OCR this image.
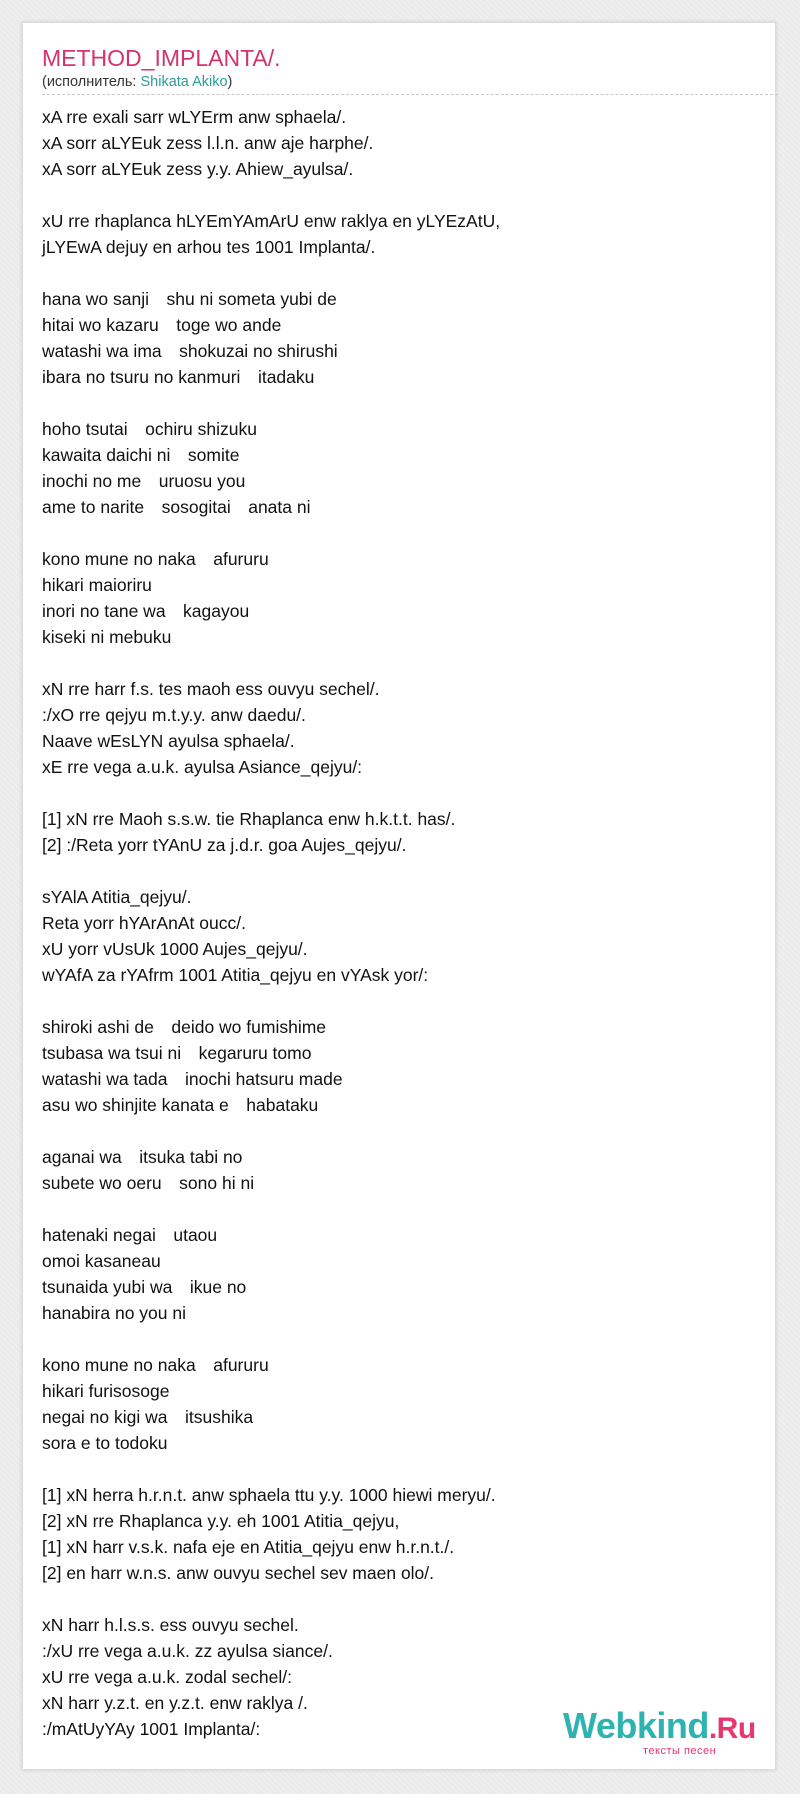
METHOD_IMPLANTA/.
(исполнитель: Shikata Akiko)
xA rre exali sarr wLYErm anw sphaela/.
xA sorr aLYEuk zess l.l.n. anw aje harphe/.
xA sorr aLYEuk zess y.y. Ahiew_ayulsa/.
xU rre rhaplanca hLYEmYAmArU enw raklya en yLYEzAtU,
jLYEwA dejuy en arhou tes 1001 Implanta/.
hana wo sanji　shu ni someta yubi de
hitai wo kazaru　toge wo ande
watashi wa ima　shokuzai no shirushi
ibara no tsuru no kanmuri　itadaku
hoho tsutai　ochiru shizuku
kawaita daichi ni　somite
inochi no me　uruosu you
ame to narite　sosogitai　anata ni
kono mune no naka　afururu
hikari maioriru
inori no tane wa　kagayou
kiseki ni mebuku
xN rre harr f.s. tes maoh ess ouvyu sechel/.
:/xO rre qejyu m.t.y.y. anw daedu/.
Naave wEsLYN ayulsa sphaela/.
xE rre vega a.u.k. ayulsa Asiance_qejyu/:
[1] xN rre Maoh s.s.w. tie Rhaplanca enw h.k.t.t. has/.
[2] :/Reta yorr tYAnU za j.d.r. goa Aujes_qejyu/.
sYAlA Atitia_qejyu/.
Reta yorr hYArAnAt oucc/.
xU yorr vUsUk 1000 Aujes_qejyu/.
wYAfA za rYAfrm 1001 Atitia_qejyu en vYAsk yor/:
shiroki ashi de　deido wo fumishime
tsubasa wa tsui ni　kegaruru tomo
watashi wa tada　inochi hatsuru made
asu wo shinjite kanata e　habataku
aganai wa　itsuka tabi no
subete wo oeru　sono hi ni
hatenaki negai　utaou
omoi kasaneau
tsunaida yubi wa　ikue no
hanabira no you ni
kono mune no naka　afururu
hikari furisosoge
negai no kigi wa　itsushika
sora e to todoku
[1] xN herra h.r.n.t. anw sphaela ttu y.y. 1000 hiewi meryu/.
[2] xN rre Rhaplanca y.y. eh 1001 Atitia_qejyu,
[1] xN harr v.s.k. nafa eje en Atitia_qejyu enw h.r.n.t./.
[2] en harr w.n.s. anw ouvyu sechel sev maen olo/.
xN harr h.l.s.s. ess ouvyu sechel.
:/xU rre vega a.u.k. zz ayulsa siance/.
xU rre vega a.u.k. zodal sechel/:
xN harr y.z.t. en y.z.t. enw raklya /.
:/mAtUyYAy 1001 Implanta/:	Webkind.Ru
тексты песен
